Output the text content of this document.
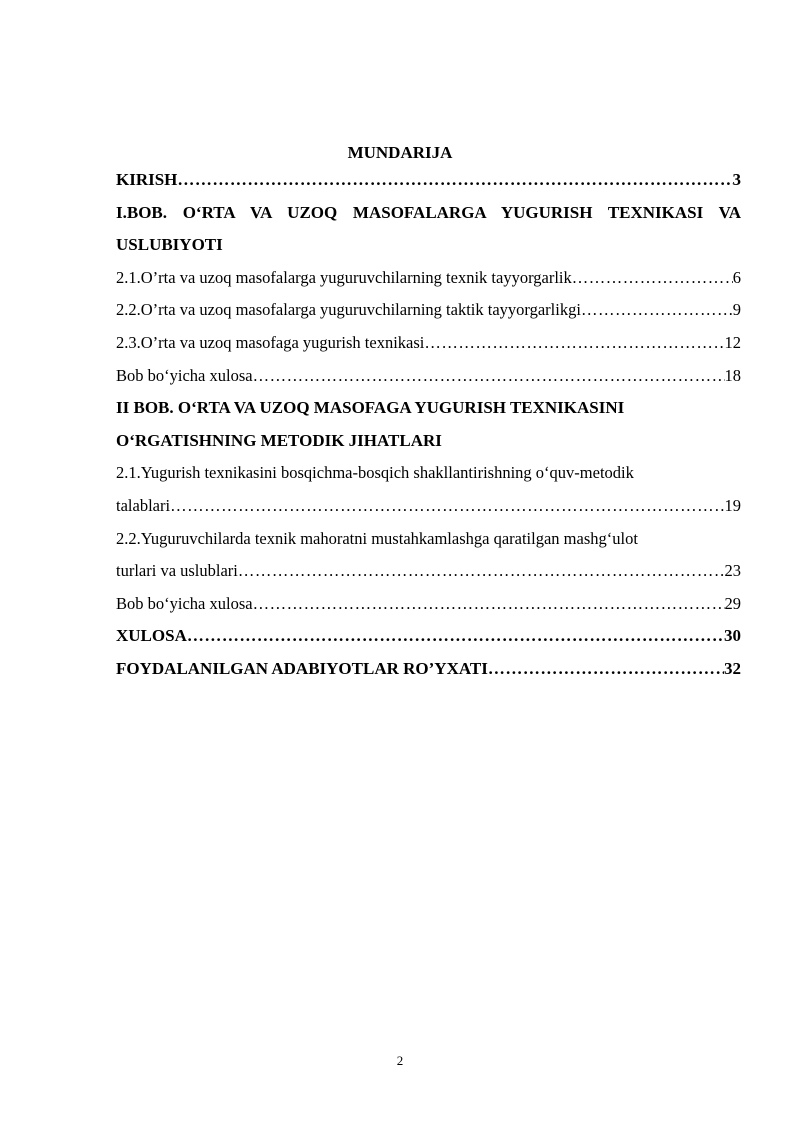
MUNDARIJA
KIRISH ………………………………………………………………………………………………………………………………………………………………………………………………………………………………	3
I.BOB. O‘RTA VA UZOQ MASOFALARGA YUGURISH TEXNIKASI VA
USLUBIYOTI
2.1.O’rta va uzoq masofalarga yuguruvchilarning texnik tayyorgarlik ………………………………………………………………………………………………………………………………………………………………………………………………………………………………	6
2.2.O’rta va uzoq masofalarga yuguruvchilarning taktik tayyorgarlikgi ………………………………………………………………………………………………………………………………………………………………………………………………………………………………	9
2.3.O’rta va uzoq masofaga yugurish texnikasi ………………………………………………………………………………………………………………………………………………………………………………………………………………………………	12
Bob bo‘yicha xulosa ………………………………………………………………………………………………………………………………………………………………………………………………………………………………	18
II BOB. O‘RTA VA UZOQ MASOFAGA YUGURISH TEXNIKASINI
O‘RGATISHNING METODIK JIHATLARI
2.1.Yugurish texnikasini bosqichma-bosqich shakllantirishning o‘quv-metodik
talablari ………………………………………………………………………………………………………………………………………………………………………………………………………………………………	19
2.2.Yuguruvchilarda texnik mahoratni mustahkamlashga qaratilgan mashg‘ulot
turlari va uslublari ………………………………………………………………………………………………………………………………………………………………………………………………………………………………	23
Bob bo‘yicha xulosa ………………………………………………………………………………………………………………………………………………………………………………………………………………………………	29
XULOSA ………………………………………………………………………………………………………………………………………………………………………………………………………………………………	30
FOYDALANILGAN ADABIYOTLAR RO’YXATI ………………………………………………………………………………………………………………………………………………………………………………………………………………………………	32
2
